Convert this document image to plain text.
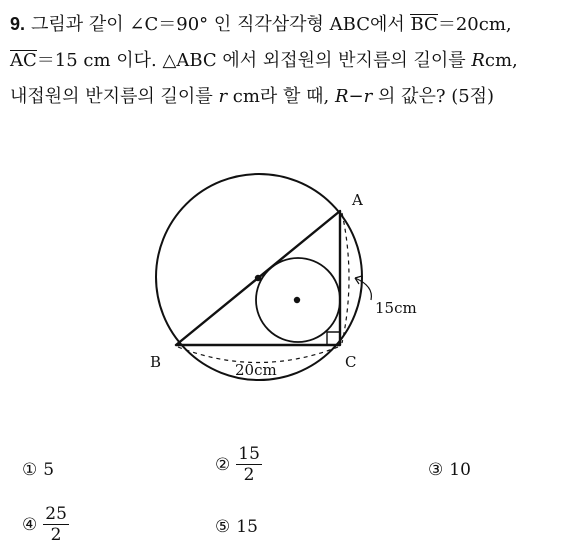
9. 그림과 같이 ∠C＝90° 인 직각삼각형 ABC에서 BC＝20cm,
AC＝15 cm 이다. △ABC 에서 외접원의 반지름의 길이를 Rcm,
내접원의 반지름의 길이를 r cm라 할 때, R−r 의 값은? (5점)
A
B	C
20cm
15cm
① 5	② $\frac{15}{2}$	③ 10
④ $\frac{25}{2}$	⑤ 15
